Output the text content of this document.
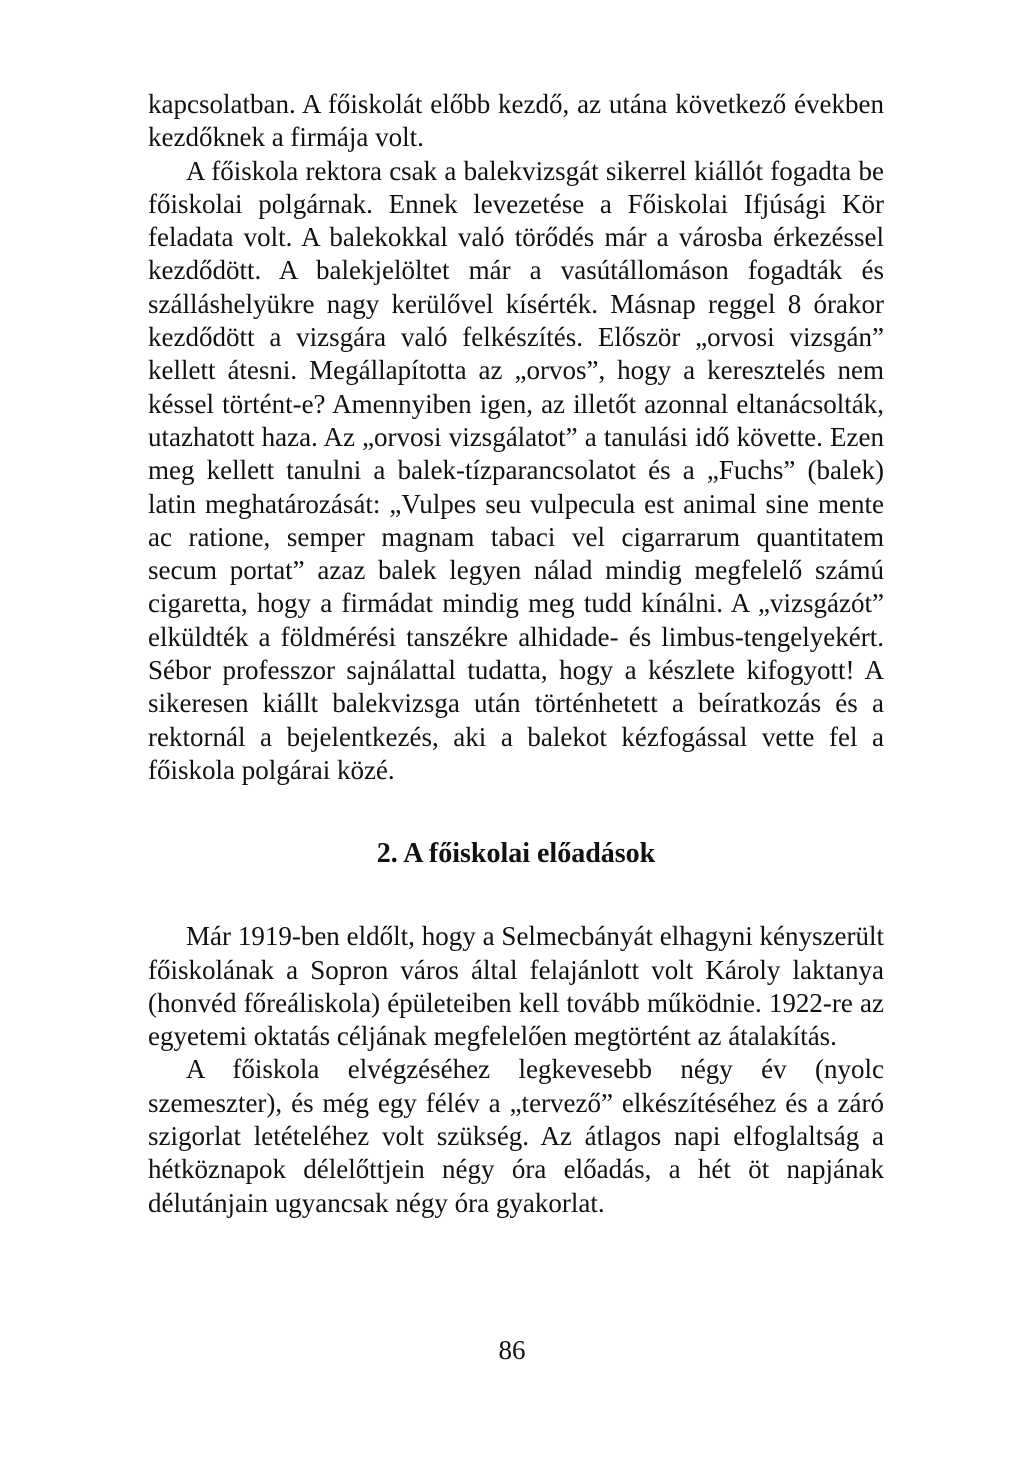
kapcsolatban. A főiskolát előbb kezdő, az utána következő években kezdőknek a firmája volt.

A főiskola rektora csak a balekvizsgát sikerrel kiállót fogadta be főiskolai polgárnak. Ennek levezetése a Főiskolai Ifjúsági Kör feladata volt. A balekokkal való törődés már a városba érkezéssel kezdődött. A balekjelöltet már a vasútállomáson fogadták és szálláshelyükre nagy kerülővel kísérték. Másnap reggel 8 órakor kezdődött a vizsgára való felkészítés. Először „orvosi vizsgán” kellett átesni. Megállapította az „orvos”, hogy a keresztelés nem késsel történt-e? Amennyiben igen, az illetőt azonnal eltanácsolták, utazhatott haza. Az „orvosi vizsgálatot” a tanulási idő követte. Ezen meg kellett tanulni a balek-tízparancsolatot és a „Fuchs” (balek) latin meghatározását: „Vulpes seu vulpecula est animal sine mente ac ratione, semper magnam tabaci vel cigarrarum quantitatem secum portat” azaz balek legyen nálad mindig megfelelő számú cigaretta, hogy a firmádat mindig meg tudd kínálni. A „vizsgázót” elküldték a földmérési tanszékre alhidade- és limbus-tengelyekért. Sébor professzor sajnálattal tudatta, hogy a készlete kifogyott! A sikeresen kiállt balekvizsga után történhetett a beíratkozás és a rektornál a bejelentkezés, aki a balekot kézfogással vette fel a főiskola polgárai közé.

2. A főiskolai előadások

Már 1919-ben eldőlt, hogy a Selmecbányát elhagyni kényszerült főiskolának a Sopron város által felajánlott volt Károly laktanya (honvéd főreáliskola) épületeiben kell tovább működnie. 1922-re az egyetemi oktatás céljának megfelelően megtörtént az átalakítás.

A főiskola elvégzéséhez legkevesebb négy év (nyolc szemeszter), és még egy félév a „tervező” elkészítéséhez és a záró szigorlat letételéhez volt szükség. Az átlagos napi elfoglaltság a hétköznapok délelőttjein négy óra előadás, a hét öt napjának délutánjain ugyancsak négy óra gyakorlat.

86
